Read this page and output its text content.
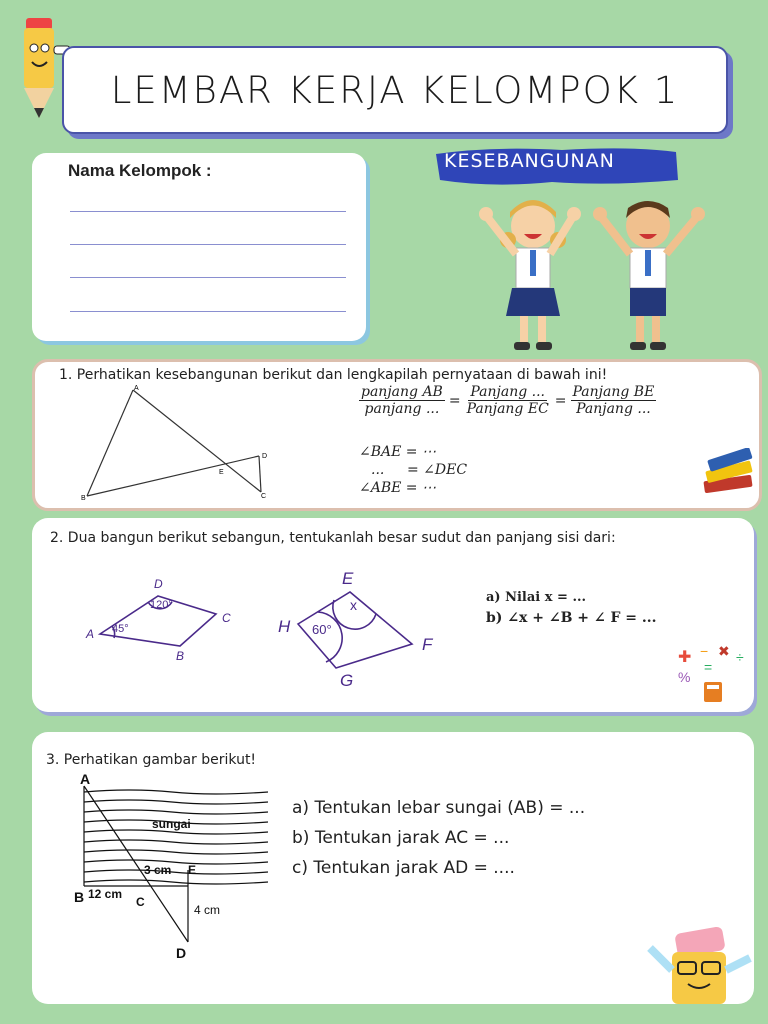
LEMBAR KERJA KELOMPOK 1
Nama Kelompok :	KESEBANGUNAN
1. Perhatikan kesebangunan berikut dan lengkapilah pernyataan di bawah ini!
A
B	C
D
E
$\frac{\text{panjang AB}}{\text{panjang ...}} = \frac{\text{Panjang ...}}{\text{Panjang EC}} = \frac{\text{Panjang BE}}{\text{Panjang ...}}$
∠BAE = ⋯
... = ∠DEC
∠ABE = ⋯
2. Dua bangun berikut sebangun, tentukanlah besar sudut dan panjang sisi dari:
D
C
A
B
120°
45°
E
H
F
G
x
60°
a) Nilai x = ...
b) ∠x + ∠B + ∠ F = ...
✚ − ✖ ÷
=
%
3. Perhatikan gambar berikut!
A
B	C
D
E
sungai
3 cm
12 cm
4 cm
a) Tentukan lebar sungai (AB) = ...
b) Tentukan jarak AC = ...
c) Tentukan jarak AD = ....
